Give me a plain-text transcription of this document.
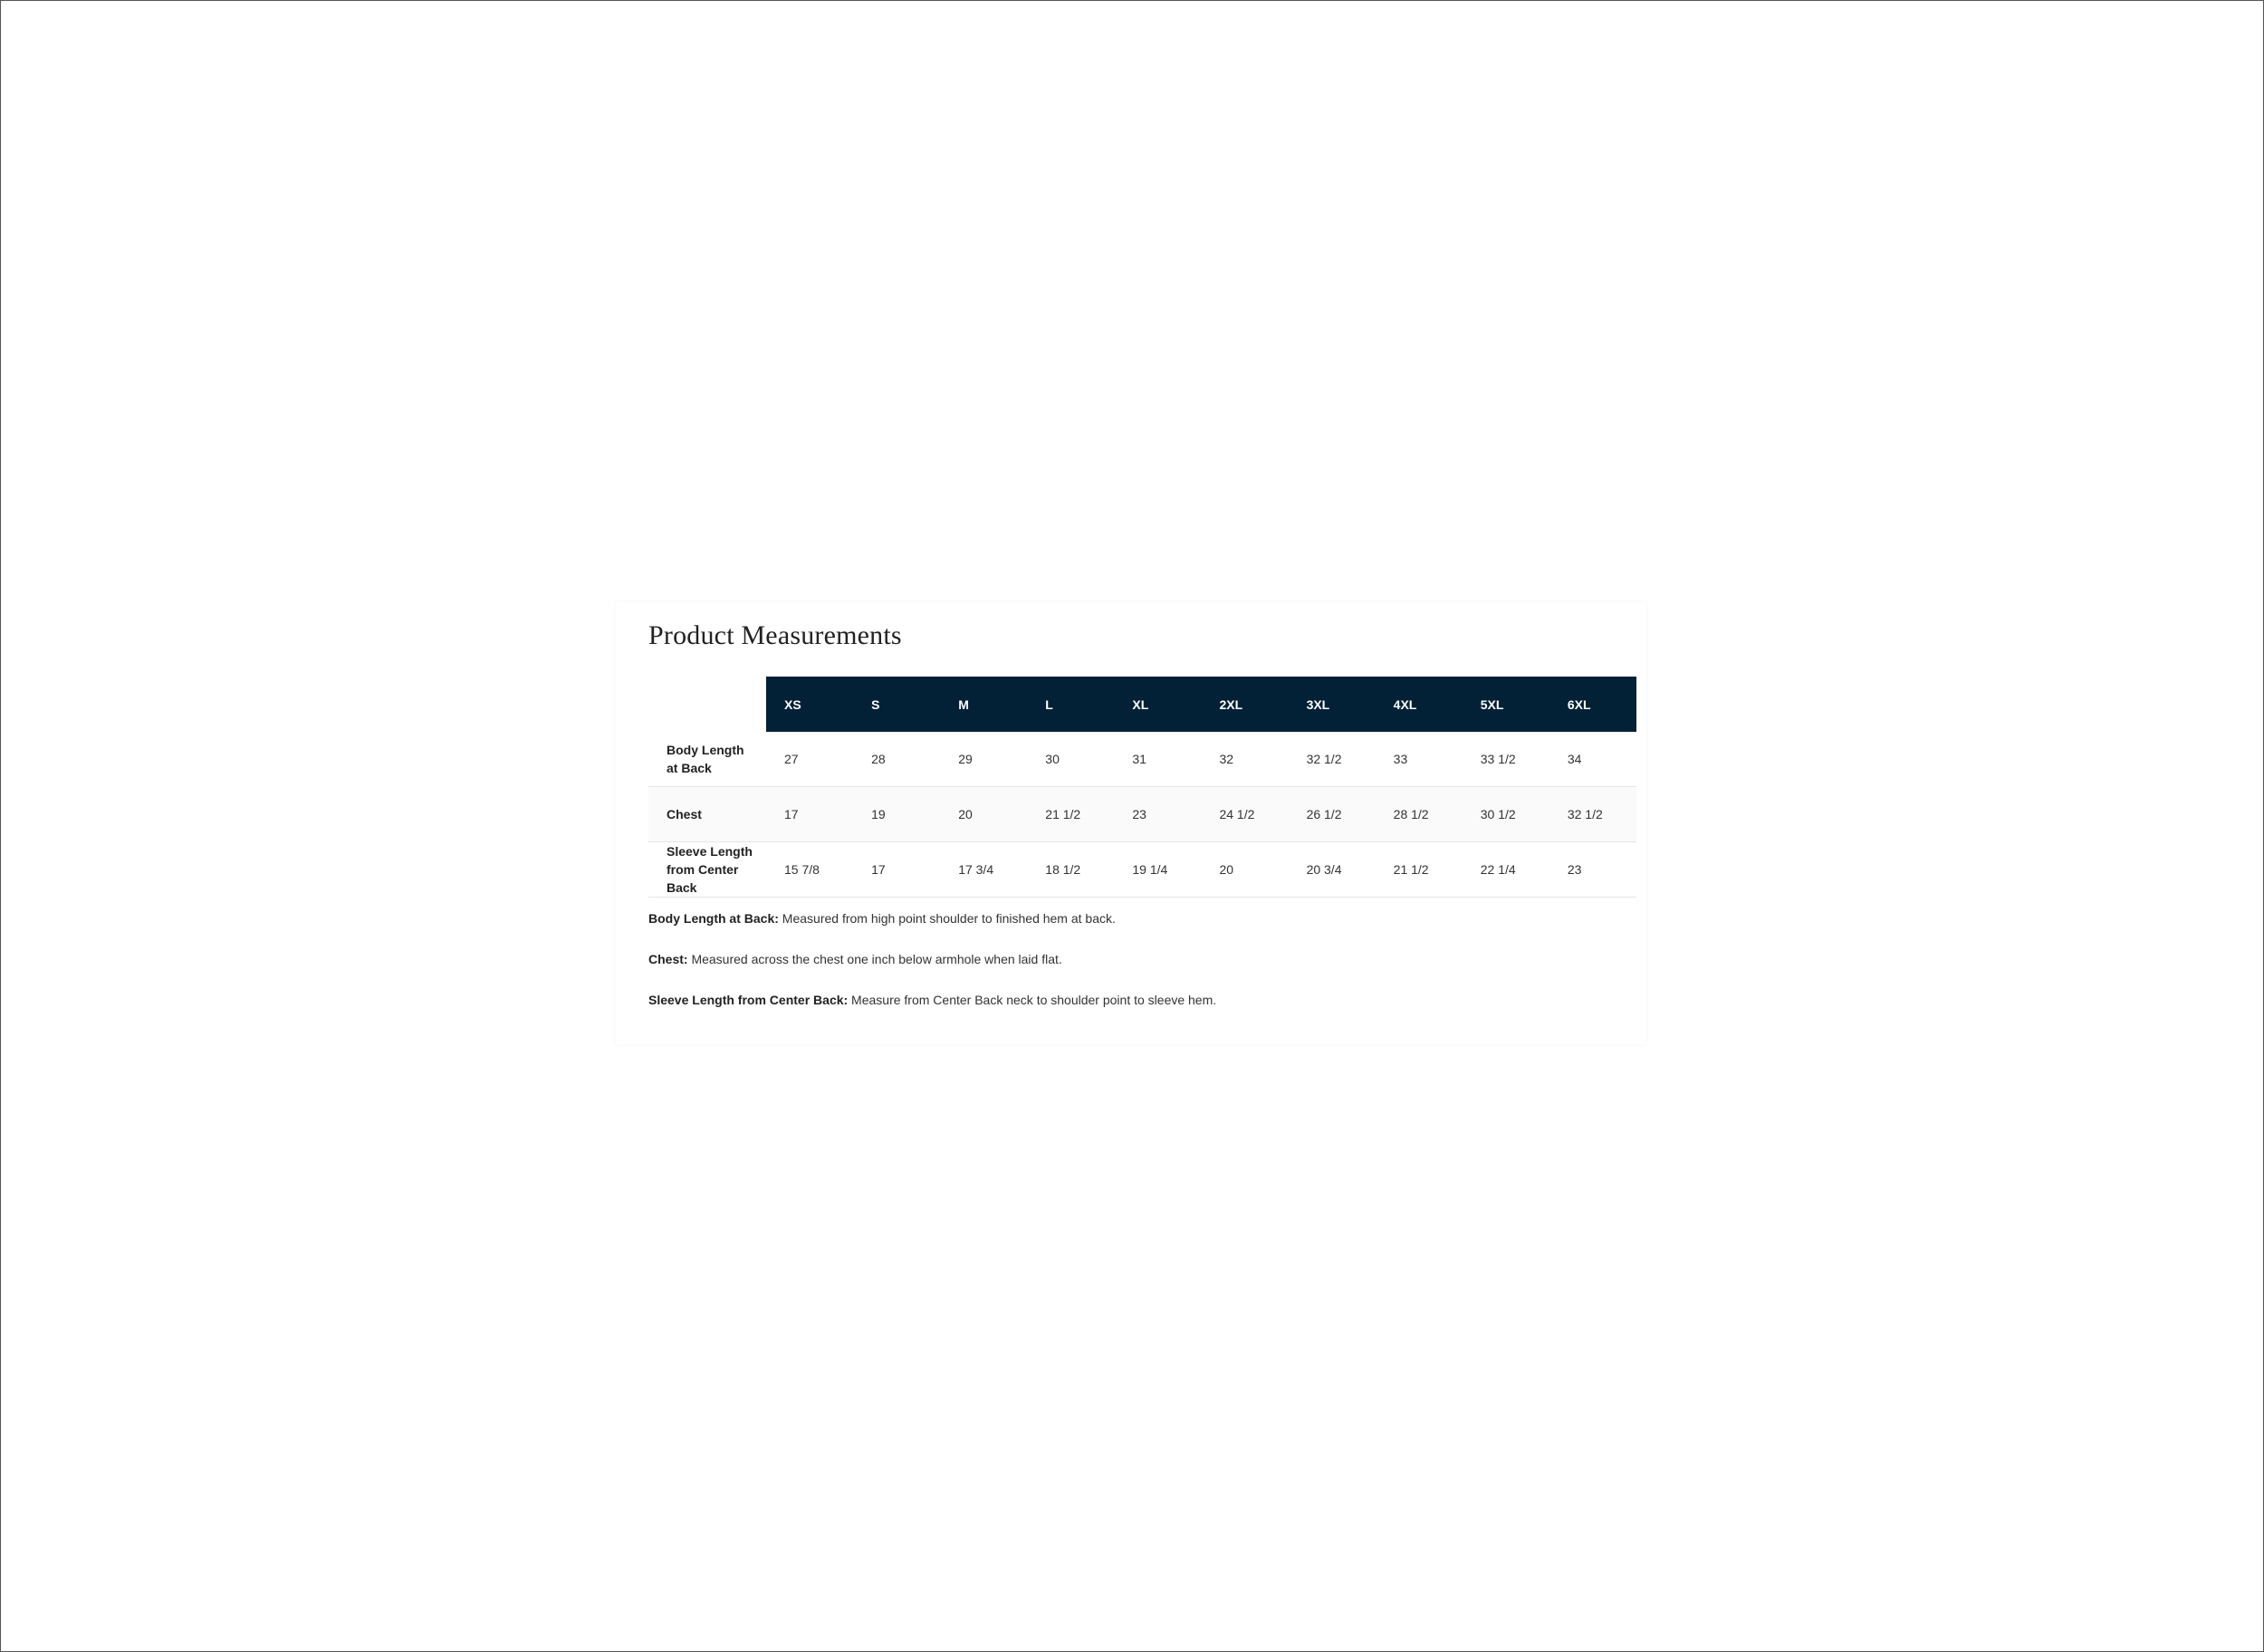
Product Measurements
	XS	S	M	L	XL	2XL	3XL	4XL	5XL	6XL
Body Length at Back	27	28	29	30	31	32	32 1/2	33	33 1/2	34
Chest	17	19	20	21 1/2	23	24 1/2	26 1/2	28 1/2	30 1/2	32 1/2
Sleeve Length from Center Back	15 7/8	17	17 3/4	18 1/2	19 1/4	20	20 3/4	21 1/2	22 1/4	23

Body Length at Back: Measured from high point shoulder to finished hem at back.

Chest: Measured across the chest one inch below armhole when laid flat.

Sleeve Length from Center Back: Measure from Center Back neck to shoulder point to sleeve hem.
